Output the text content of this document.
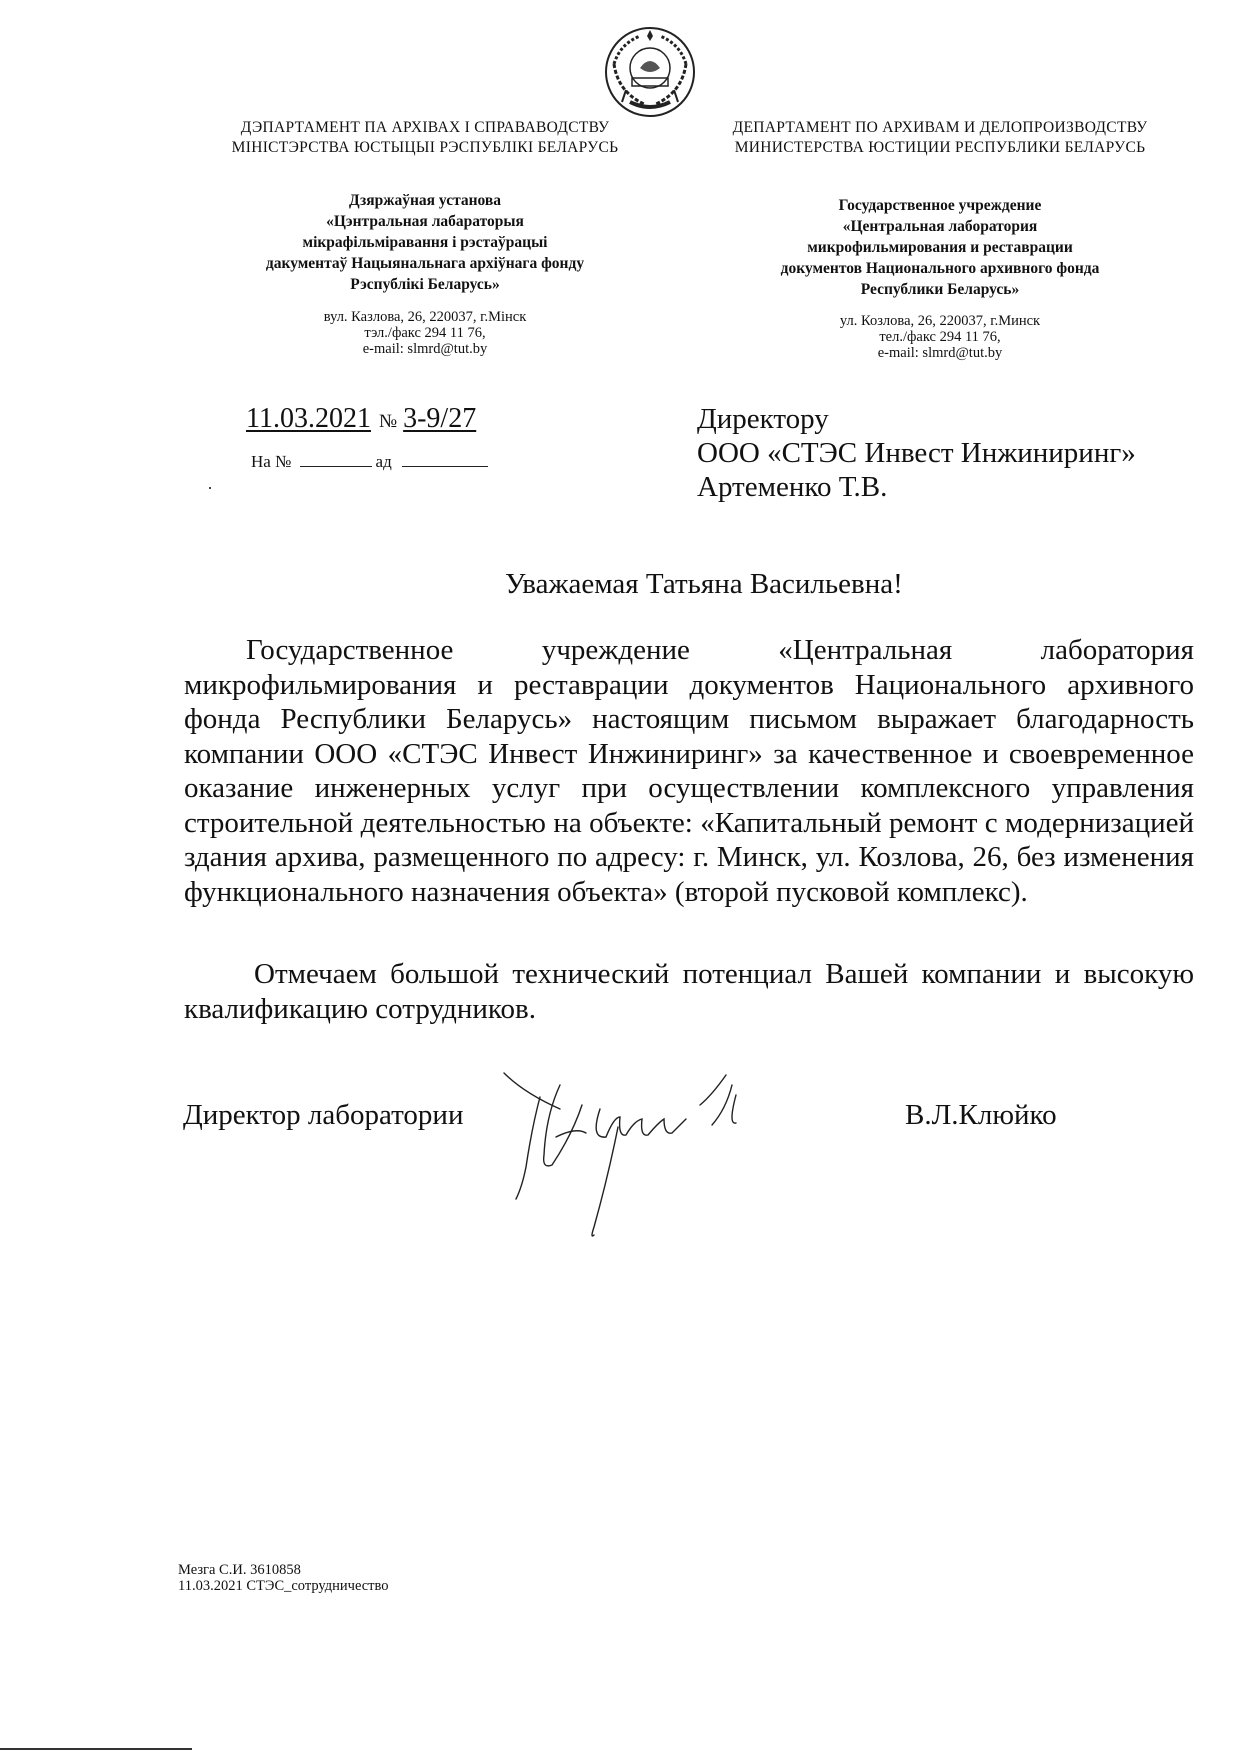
ДЭПАРТАМЕНТ ПА АРХІВАХ І СПРАВАВОДСТВУ
МІНІСТЭРСТВА ЮСТЫЦЫІ РЭСПУБЛІКІ БЕЛАРУСЬ
ДЕПАРТАМЕНТ ПО АРХИВАМ И ДЕЛОПРОИЗВОДСТВУ
МИНИСТЕРСТВА ЮСТИЦИИ РЕСПУБЛИКИ БЕЛАРУСЬ
Дзяржаўная установа
«Цэнтральная лабараторыя
мікрафільміравання і рэстаўрацыі
дакументаў Нацыянальнага архіўнага фонду
Рэспублікі Беларусь»
Государственное учреждение
«Центральная лаборатория
микрофильмирования и реставрации
документов Национального архивного фонда
Республики Беларусь»
вул. Казлова, 26, 220037, г.Мінск
тэл./факс 294 11 76,
e-mail: slmrd@tut.by
ул. Козлова, 26, 220037, г.Минск
тел./факс 294 11 76,
e-mail: slmrd@tut.by
11.03.2021 № 3-9/27
На №	ад
Директору
ООО «СТЭС Инвест Инжиниринг»
Артеменко Т.В.
Уважаемая Татьяна Васильевна!
Государственное учреждение «Центральная лаборатория микрофильмирования и реставрации документов Национального архивного фонда Республики Беларусь» настоящим письмом выражает благодарность компании ООО «СТЭС Инвест Инжиниринг» за качественное и своевременное оказание инженерных услуг при осуществлении комплексного управления строительной деятельностью на объекте: «Капитальный ремонт с модернизацией здания архива, размещенного по адресу: г. Минск, ул. Козлова, 26, без изменения функционального назначения объекта» (второй пусковой комплекс).
Отмечаем большой технический потенциал Вашей компании и высокую квалификацию сотрудников.
Директор лаборатории	В.Л.Клюйко
Мезга С.И. 3610858
11.03.2021 СТЭС_сотрудничество
